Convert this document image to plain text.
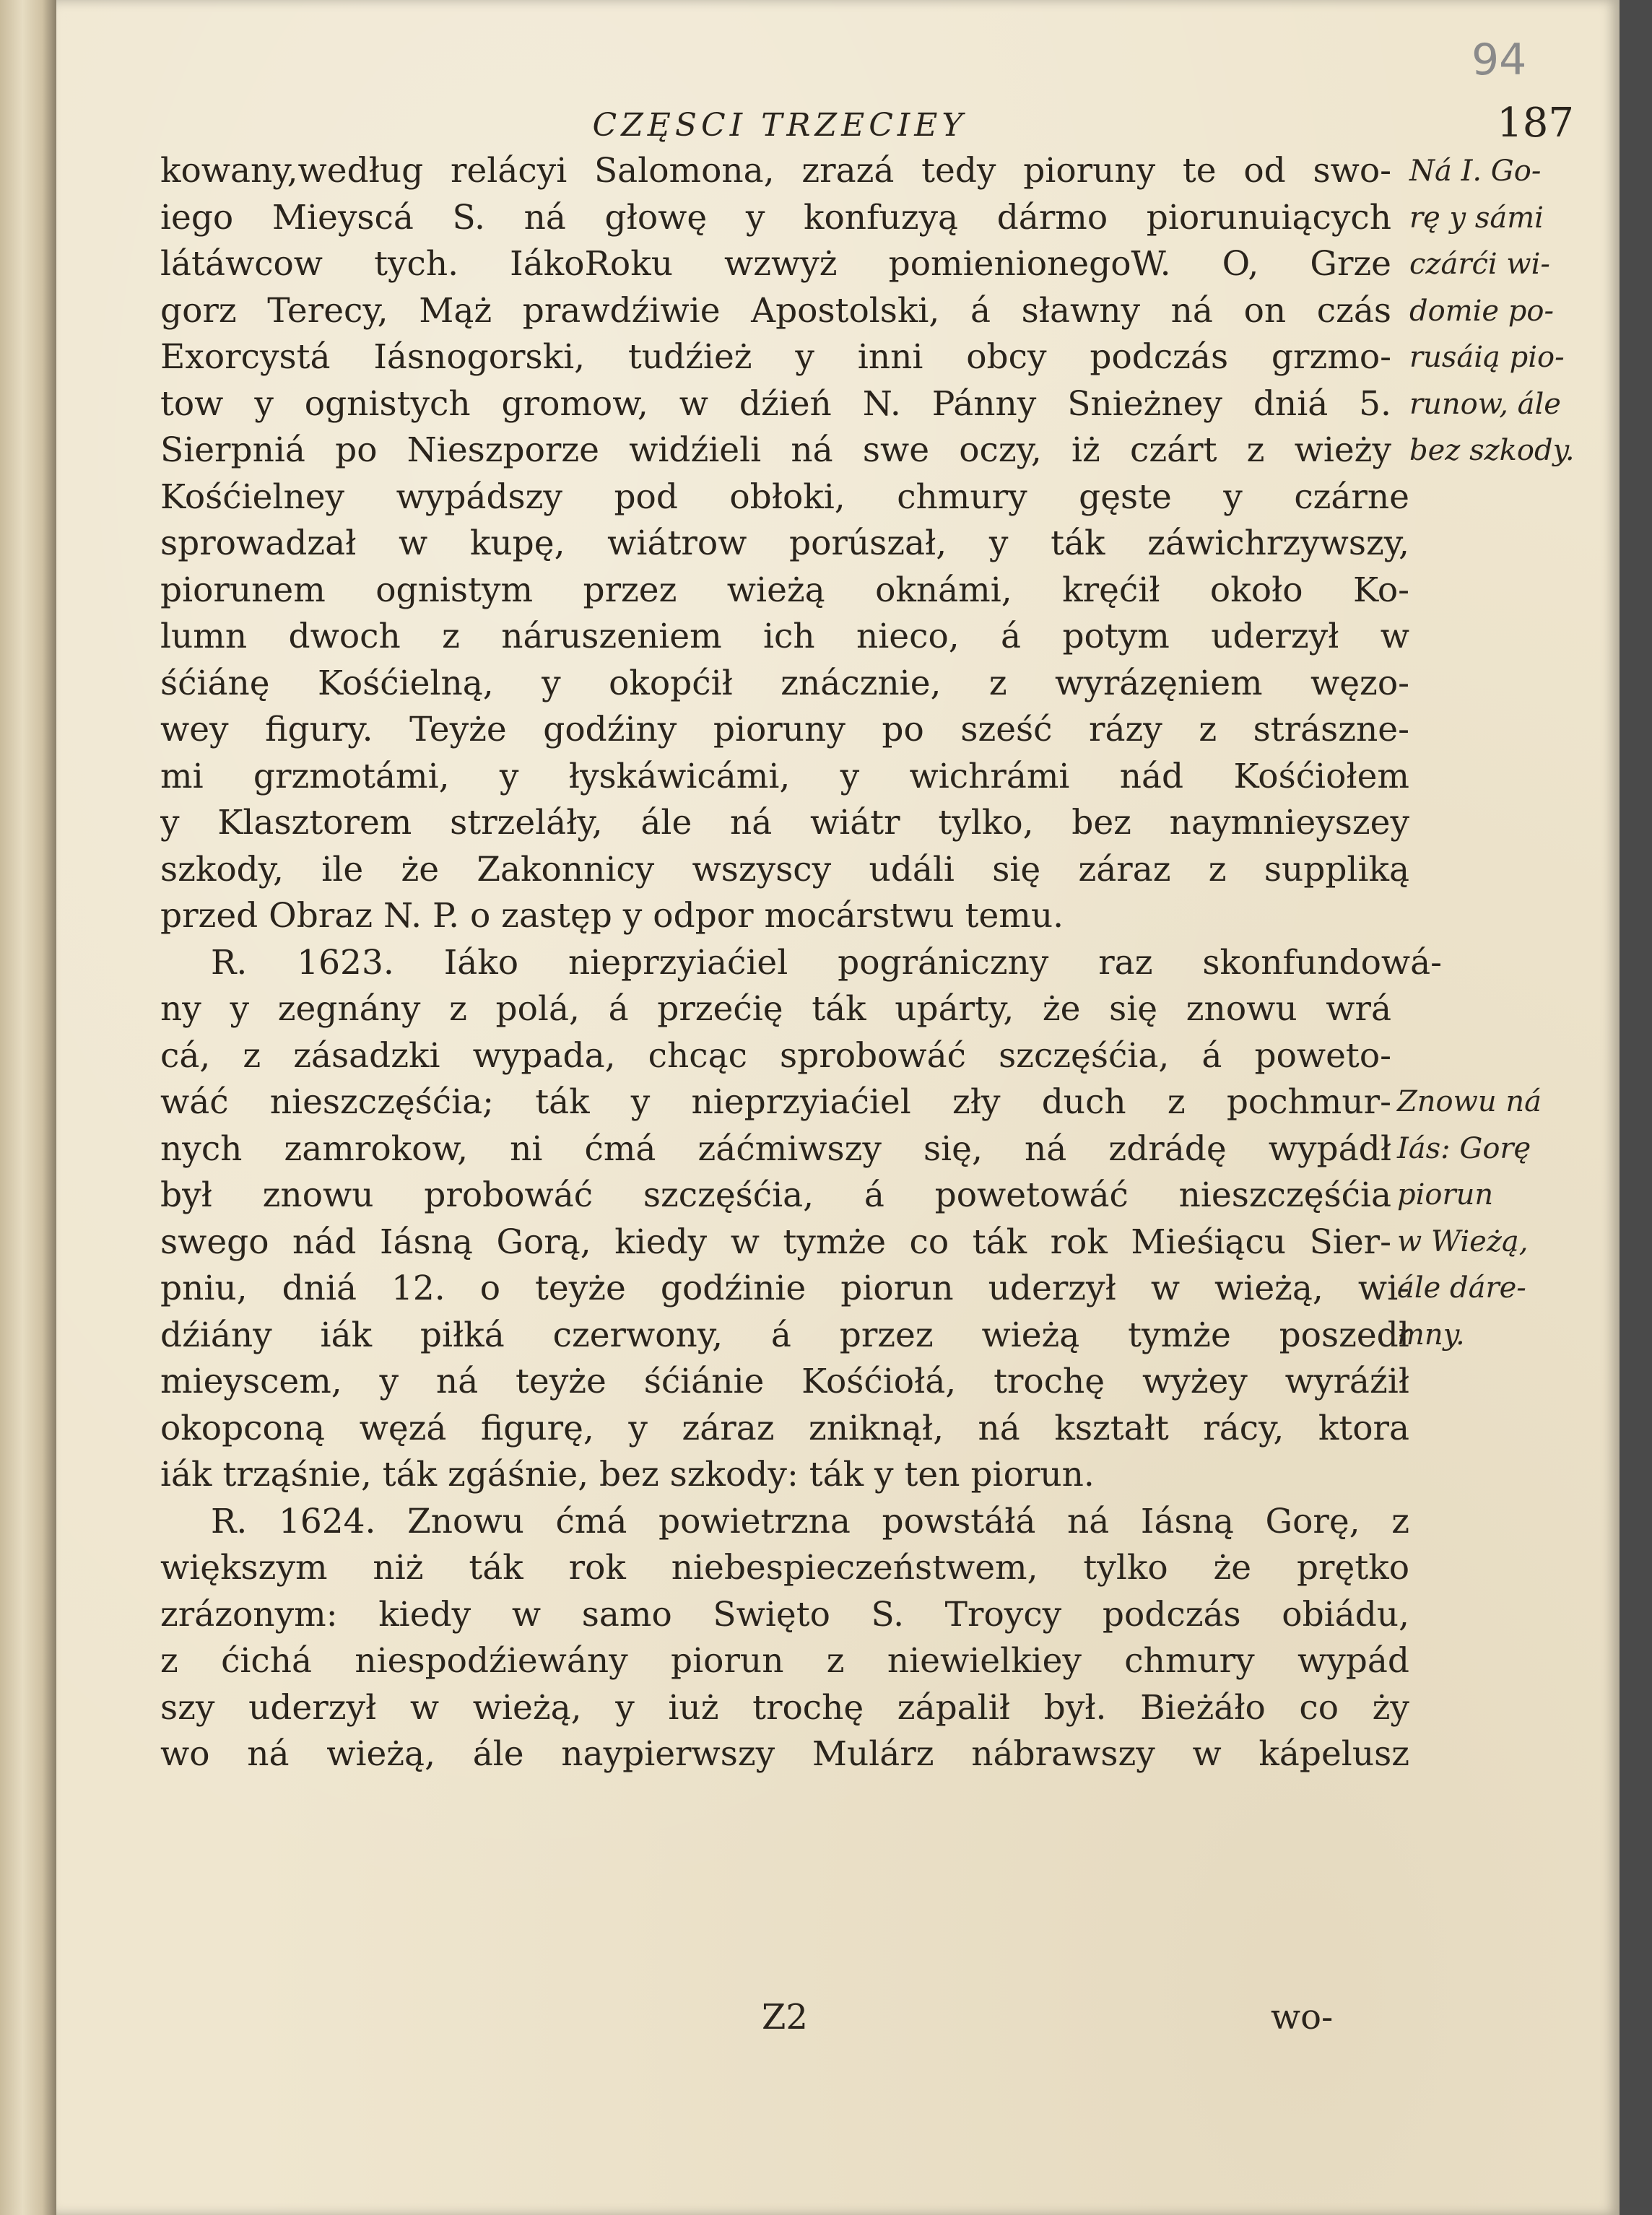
94
CZĘSCI TRZECIEY	187
kowany,według relácyi Salomona, zrazá tedy pioruny te od swo-
iego Mieyscá S. ná głowę y konfuzyą dármo piorunuiących
látáwcow tych. IákoRoku wzwyż pomienionegoW. O, Grze
gorz Terecy, Mąż prawdźiwie Apostolski, á sławny ná on czás
Exorcystá Iásnogorski, tudźież y inni obcy podczás grzmo-
tow y ognistych gromow, w dźień N. Pánny Snieżney dniá 5.
Sierpniá po Nieszporze widźieli ná swe oczy, iż czárt z wieży
Kośćielney wypádszy pod obłoki, chmury gęste y czárne
sprowadzał w kupę, wiátrow porúszał, y ták záwichrzywszy,
piorunem ognistym przez wieżą oknámi, kręćił około Ko-
lumn dwoch z náruszeniem ich nieco, á potym uderzył w
śćiánę Kośćielną, y okopćił znácznie, z wyrázęniem węzo-
wey figury. Teyże godźiny pioruny po sześć rázy z strászne-
mi grzmotámi, y łyskáwicámi, y wichrámi nád Kośćiołem
y Klasztorem strzeláły, ále ná wiátr tylko, bez naymnieyszey
szkody, ile że Zakonnicy wszyscy událi się záraz z suppliką
przed Obraz N. P. o zastęp y odpor mocárstwu temu.
R. 1623. Iáko nieprzyiaćiel pográniczny raz skonfundowá-
ny y zegnány z polá, á przećię ták upárty, że się znowu wrá
cá, z zásadzki wypada, chcąc sprobowáć szczęśćia, á poweto-
wáć nieszczęśćia; ták y nieprzyiaćiel zły duch z pochmur-
nych zamrokow, ni ćmá záćmiwszy się, ná zdrádę wypádł
był znowu probowáć szczęśćia, á powetowáć nieszczęśćia
swego nád Iásną Gorą, kiedy w tymże co ták rok Mieśiącu Sier-
pniu, dniá 12. o teyże godźinie piorun uderzył w wieżą, wi-
dźiány iák piłká czerwony, á przez wieżą tymże poszedł
mieyscem, y ná teyże śćiánie Kośćiołá, trochę wyżey wyráźił
okopconą węzá figurę, y záraz zniknął, ná kształt rácy, ktora
iák trząśnie, ták zgáśnie, bez szkody: ták y ten piorun.
R. 1624. Znowu ćmá powietrzna powstáłá ná Iásną Gorę, z
większym niż ták rok niebespieczeństwem, tylko że prętko
zrázonym: kiedy w samo Swięto S. Troycy podczás obiádu,
z ćichá niespodźiewány piorun z niewielkiey chmury wypád
szy uderzył w wieżą, y iuż trochę zápalił był. Bieżáło co ży
wo ná wieżą, ále naypierwszy Mulárz nábrawszy w kápelusz
Ná I. Go-
rę y sámi
czárći wi-
domie po-
rusáią pio-
runow, ále
bez szkody.
Znowu ná
Iás: Gorę
piorun
w Wieżą,
ále dáre-
mny.
Z2	wo-
